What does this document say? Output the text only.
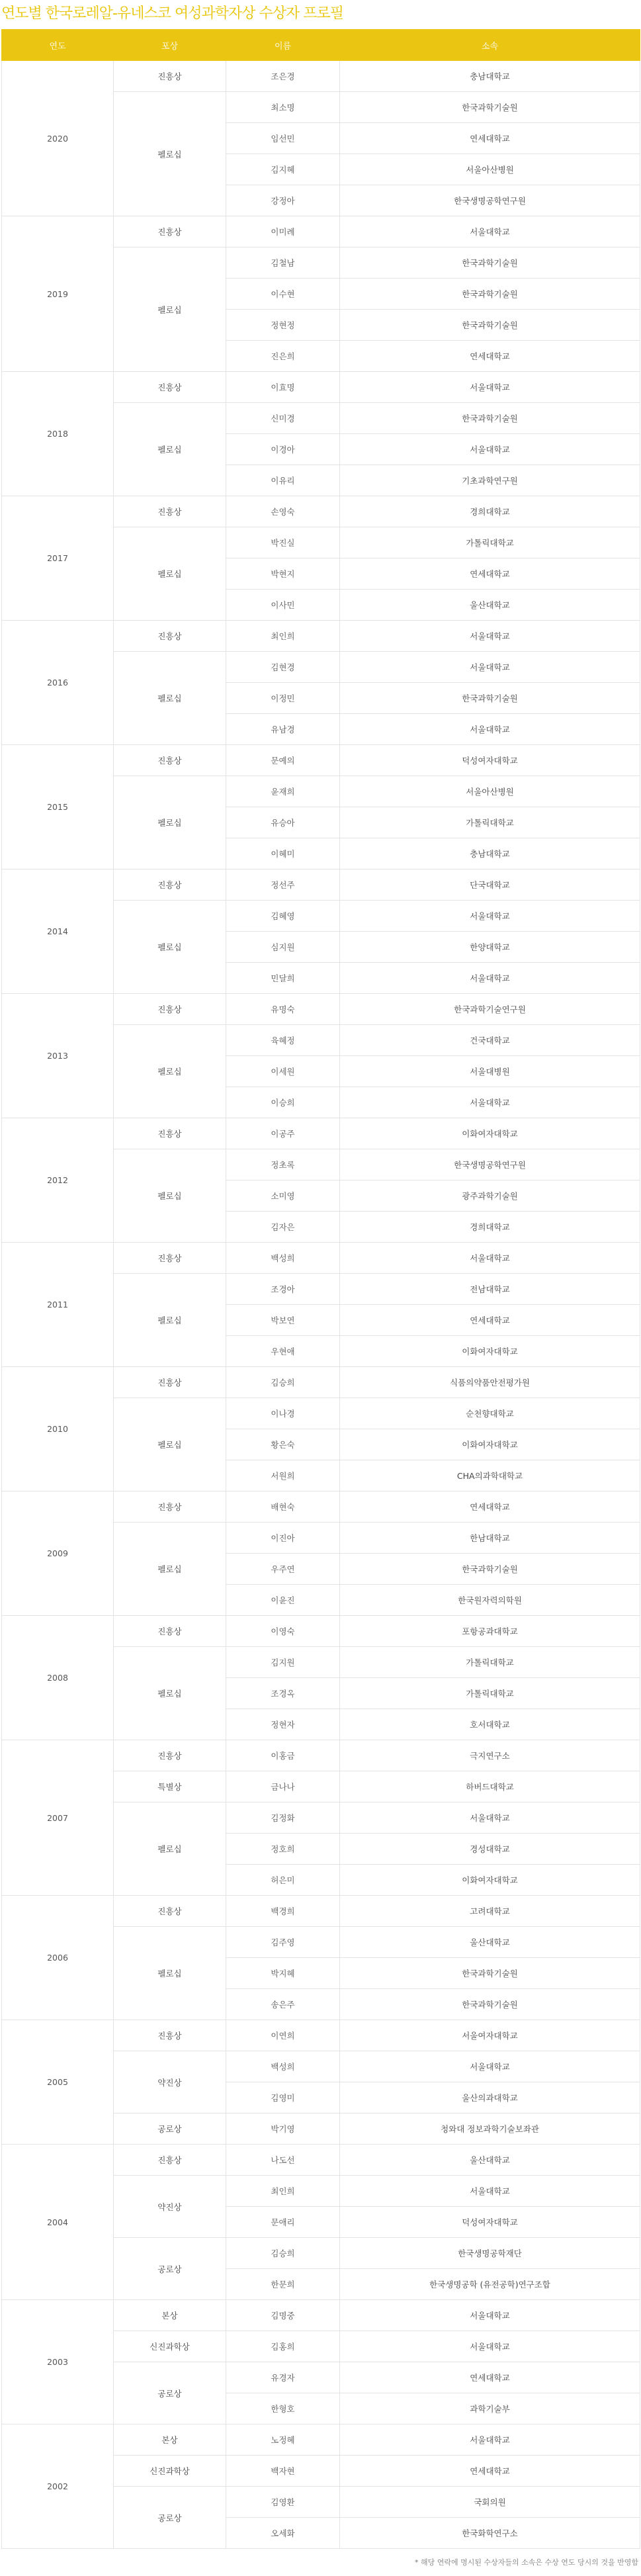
연도별 한국로레알-유네스코 여성과학자상 수상자 프로필
연도	포상	이름	소속
2020	진흥상	조은경	충남대학교
	펠로십	최소명	한국과학기술원
		임선민	연세대학교
		김지혜	서울아산병원
		강정아	한국생명공학연구원
2019	진흥상	이미례	서울대학교
	펠로십	김철남	한국과학기술원
		이수현	한국과학기술원
		정현정	한국과학기술원
		진은희	연세대학교
2018	진흥상	이효명	서울대학교
	펠로십	신미경	한국과학기술원
		이경아	서울대학교
		이유리	기초과학연구원
2017	진흥상	손영숙	경희대학교
	펠로십	박진실	가톨릭대학교
		박현지	연세대학교
		이사민	울산대학교
2016	진흥상	최인희	서울대학교
	펠로십	김현경	서울대학교
		이정민	한국과학기술원
		유남경	서울대학교
2015	진흥상	문예의	덕성여자대학교
	펠로십	윤재희	서울아산병원
		유승아	가톨릭대학교
		이혜미	충남대학교
2014	진흥상	정선주	단국대학교
	펠로십	김혜영	서울대학교
		심지원	한양대학교
		민달희	서울대학교
2013	진흥상	유명숙	한국과학기술연구원
	펠로십	육혜정	건국대학교
		이세원	서울대병원
		이승희	서울대학교
2012	진흥상	이공주	이화여자대학교
	펠로십	정초록	한국생명공학연구원
		소미영	광주과학기술원
		김자은	경희대학교
2011	진흥상	백성희	서울대학교
	펠로십	조경아	전남대학교
		박보연	연세대학교
		우현애	이화여자대학교
2010	진흥상	김승희	식품의약품안전평가원
	펠로십	이나경	순천향대학교
		황은숙	이화여자대학교
		서원희	CHA의과학대학교
2009	진흥상	배현숙	연세대학교
	펠로십	이진아	한남대학교
		우주연	한국과학기술원
		이윤진	한국원자력의학원
2008	진흥상	이영숙	포항공과대학교
	펠로십	김지원	가톨릭대학교
		조경옥	가톨릭대학교
		정현자	호서대학교
2007	진흥상	이홍금	극지연구소
	특별상	금나나	하버드대학교
	펠로십	김정화	서울대학교
		정호희	경성대학교
		허은미	이화여자대학교
2006	진흥상	백경희	고려대학교
	펠로십	김주영	울산대학교
		박지혜	한국과학기술원
		송은주	한국과학기술원
2005	진흥상	이연희	서울여자대학교
	약진상	백성희	서울대학교
		김영미	울산의과대학교
	공로상	박기영	청와대 정보과학기술보좌관
2004	진흥상	나도선	울산대학교
	약진상	최인희	서울대학교
		문애리	덕성여자대학교
	공로상	김승희	한국생명공학재단
		한문희	한국생명공학 (유전공학)연구조합
2003	본상	김명중	서울대학교
	신진과학상	김홍희	서울대학교
	공로상	유경자	연세대학교
		한형호	과학기술부
2002	본상	노정혜	서울대학교
	신진과학상	백자현	연세대학교
	공로상	김영환	국회의원
		오세화	한국화학연구소
* 해당 연락에 명시된 수상자들의 소속은 수상 연도 당시의 것을 반영함
